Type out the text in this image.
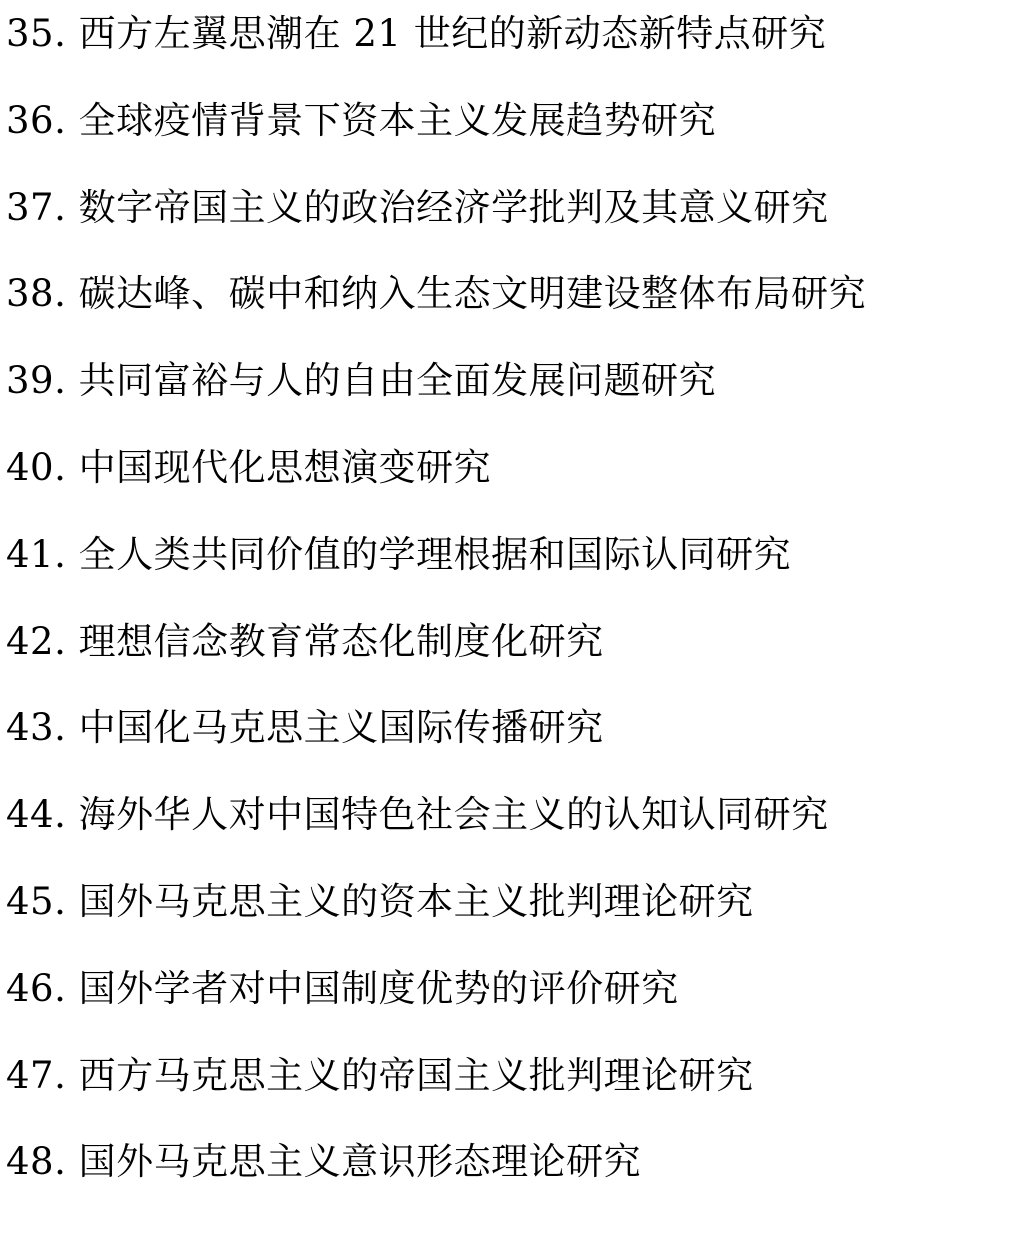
35. 西方左翼思潮在 21 世纪的新动态新特点研究
36. 全球疫情背景下资本主义发展趋势研究
37. 数字帝国主义的政治经济学批判及其意义研究
38. 碳达峰、碳中和纳入生态文明建设整体布局研究
39. 共同富裕与人的自由全面发展问题研究
40. 中国现代化思想演变研究
41. 全人类共同价值的学理根据和国际认同研究
42. 理想信念教育常态化制度化研究
43. 中国化马克思主义国际传播研究
44. 海外华人对中国特色社会主义的认知认同研究
45. 国外马克思主义的资本主义批判理论研究
46. 国外学者对中国制度优势的评价研究
47. 西方马克思主义的帝国主义批判理论研究
48. 国外马克思主义意识形态理论研究
